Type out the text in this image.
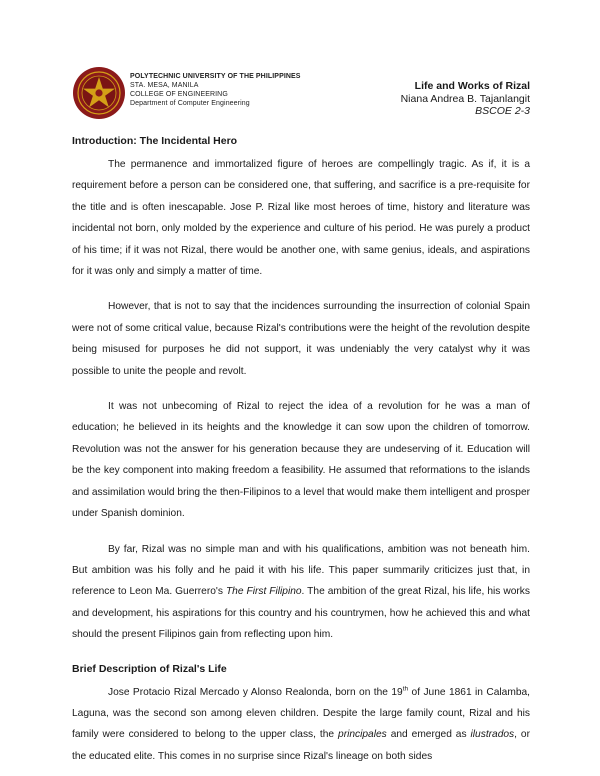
POLYTECHNIC UNIVERSITY OF THE PHILIPPINES
STA. MESA, MANILA
COLLEGE OF ENGINEERING
Department of Computer Engineering
Life and Works of Rizal
Niana Andrea B. Tajanlangit
BSCOE 2-3
Introduction: The Incidental Hero

The permanence and immortalized figure of heroes are compellingly tragic. As if, it is a requirement before a person can be considered one, that suffering, and sacrifice is a pre-requisite for the title and is often inescapable. Jose P. Rizal like most heroes of time, history and literature was incidental not born, only molded by the experience and culture of his period. He was purely a product of his time; if it was not Rizal, there would be another one, with same genius, ideals, and aspirations for it was only and simply a matter of time.

However, that is not to say that the incidences surrounding the insurrection of colonial Spain were not of some critical value, because Rizal's contributions were the height of the revolution despite being misused for purposes he did not support, it was undeniably the very catalyst why it was possible to unite the people and revolt.

It was not unbecoming of Rizal to reject the idea of a revolution for he was a man of education; he believed in its heights and the knowledge it can sow upon the children of tomorrow. Revolution was not the answer for his generation because they are undeserving of it. Education will be the key component into making freedom a feasibility. He assumed that reformations to the islands and assimilation would bring the then-Filipinos to a level that would make them intelligent and prosper under Spanish dominion.

By far, Rizal was no simple man and with his qualifications, ambition was not beneath him. But ambition was his folly and he paid it with his life. This paper summarily criticizes just that, in reference to Leon Ma. Guerrero's The First Filipino. The ambition of the great Rizal, his life, his works and development, his aspirations for this country and his countrymen, how he achieved this and what should the present Filipinos gain from reflecting upon him.

Brief Description of Rizal's Life

Jose Protacio Rizal Mercado y Alonso Realonda, born on the 19th of June 1861 in Calamba, Laguna, was the second son among eleven children. Despite the large family count, Rizal and his family were considered to belong to the upper class, the principales and emerged as ilustrados, or the educated elite. This comes in no surprise since Rizal's lineage on both sides
